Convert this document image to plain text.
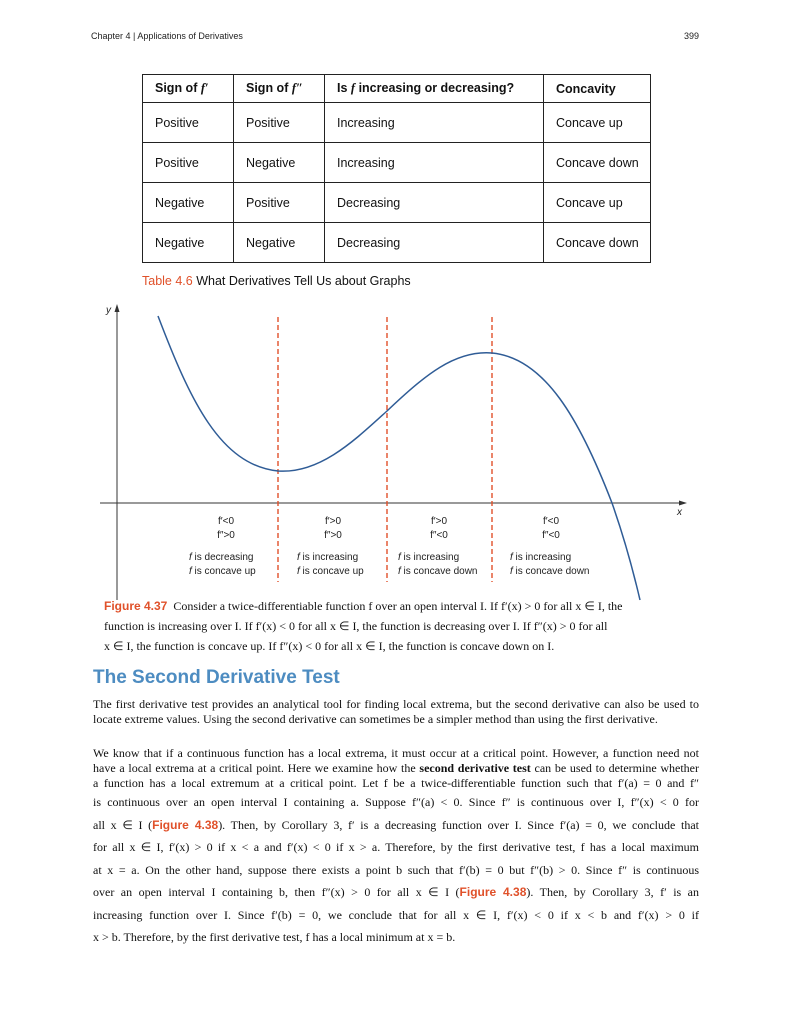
Chapter 4 | Applications of Derivatives	399
Sign of f′	Sign of f″	Is f increasing or decreasing?	Concavity
Positive	Positive	Increasing	Concave up
Positive	Negative	Increasing	Concave down
Negative	Positive	Decreasing	Concave up
Negative	Negative	Decreasing	Concave down
Table 4.6 What Derivatives Tell Us about Graphs
y
x
f′<0
f″>0
f is decreasing
f is concave up
f′>0
f″>0
f is increasing
f is concave up
f′>0
f″<0
f is increasing
f is concave down
f′<0
f″<0
f is increasing
f is concave down
Figure 4.37 Consider a twice-differentiable function f over an open interval I. If f′(x) > 0 for all x ∈ I, the
function is increasing over I. If f′(x) < 0 for all x ∈ I, the function is decreasing over I. If f″(x) > 0 for all
x ∈ I, the function is concave up. If f″(x) < 0 for all x ∈ I, the function is concave down on I.
The Second Derivative Test
The first derivative test provides an analytical tool for finding local extrema, but the second derivative can also be used to
locate extreme values. Using the second derivative can sometimes be a simpler method than using the first derivative.
We know that if a continuous function has a local extrema, it must occur at a critical point. However, a function need not
have a local extrema at a critical point. Here we examine how the second derivative test can be used to determine whether
a function has a local extremum at a critical point. Let f be a twice-differentiable function such that f′(a) = 0 and f″
is continuous over an open interval I containing a. Suppose f″(a) < 0. Since f″ is continuous over I, f″(x) < 0 for
all x ∈ I (Figure 4.38). Then, by Corollary 3, f′ is a decreasing function over I. Since f′(a) = 0, we conclude that
for all x ∈ I, f′(x) > 0 if x < a and f′(x) < 0 if x > a. Therefore, by the first derivative test, f has a local maximum
at x = a. On the other hand, suppose there exists a point b such that f′(b) = 0 but f″(b) > 0. Since f″ is continuous
over an open interval I containing b, then f″(x) > 0 for all x ∈ I (Figure 4.38). Then, by Corollary 3, f′ is an
increasing function over I. Since f′(b) = 0, we conclude that for all x ∈ I, f′(x) < 0 if x < b and f′(x) > 0 if
x > b. Therefore, by the first derivative test, f has a local minimum at x = b.
